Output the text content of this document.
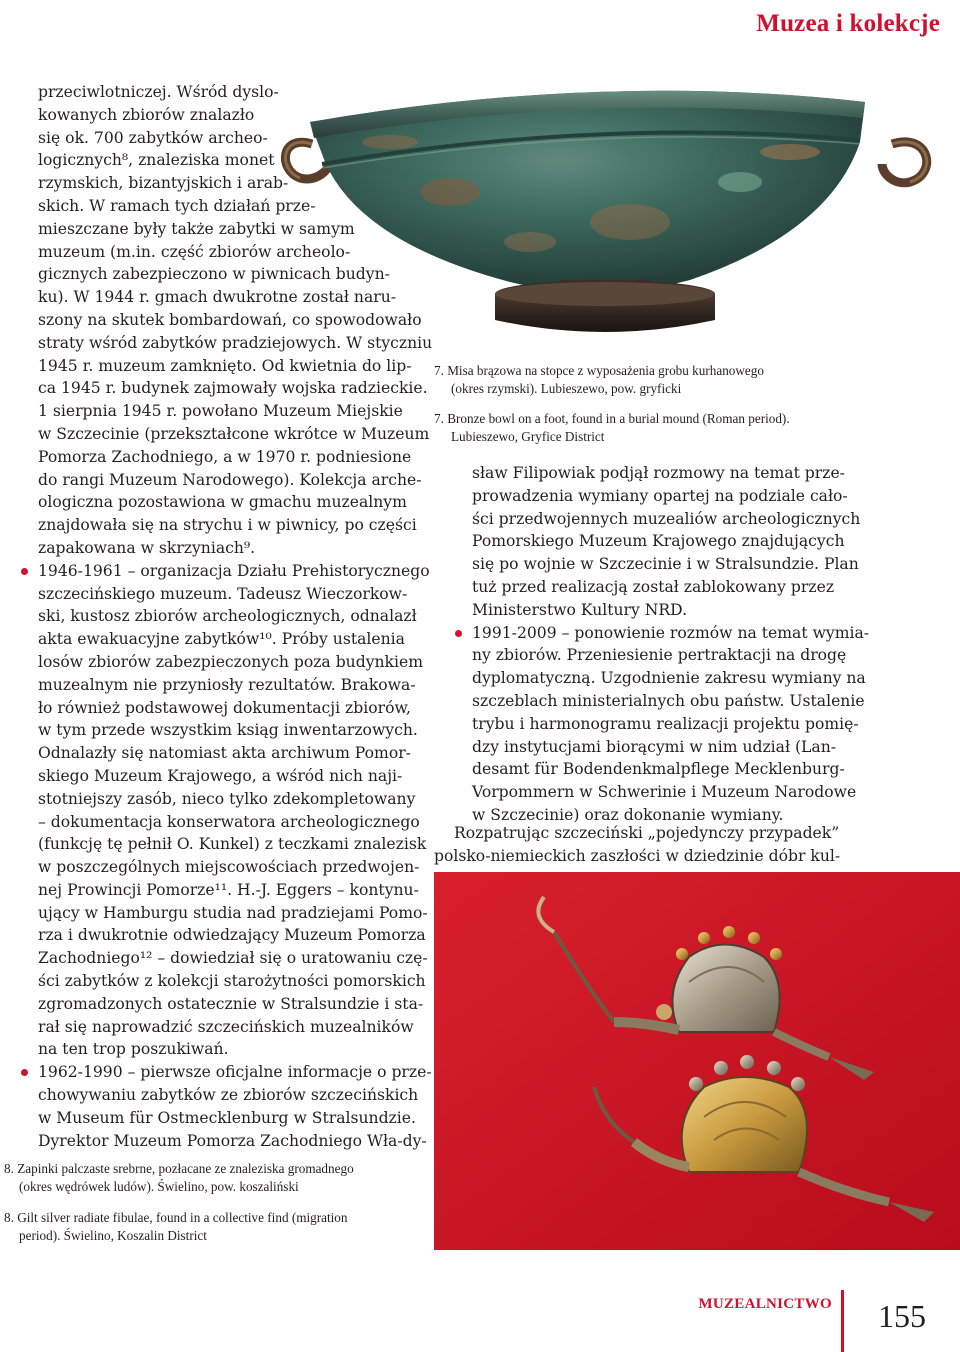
Muzea i kolekcje

przeciwlotniczej. Wśród dyslo-
kowanych zbiorów znalazło
się ok. 700 zabytków archeo-
logicznych⁸, znaleziska monet
rzymskich, bizantyjskich i arab-
skich. W ramach tych działań prze-
mieszczane były także zabytki w samym
muzeum (m.in. część zbiorów archeolo-
gicznych zabezpieczono w piwnicach budyn-
ku). W 1944 r. gmach dwukrotne został naru-
szony na skutek bombardowań, co spowodowało
straty wśród zabytków pradziejowych. W styczniu
1945 r. muzeum zamknięto. Od kwietnia do lip-
ca 1945 r. budynek zajmowały wojska radzieckie.
1 sierpnia 1945 r. powołano Muzeum Miejskie
w Szczecinie (przekształcone wkrótce w Muzeum
Pomorza Zachodniego, a w 1970 r. podniesione
do rangi Muzeum Narodowego). Kolekcja arche-
ologiczna pozostawiona w gmachu muzealnym
znajdowała się na strychu i w piwnicy, po części
zapakowana w skrzyniach⁹.

1946-1961 – organizacja Działu Prehistorycznego
szczecińskiego muzeum. Tadeusz Wieczorkow-
ski, kustosz zbiorów archeologicznych, odnalazł
akta ewakuacyjne zabytków¹⁰. Próby ustalenia
losów zbiorów zabezpieczonych poza budynkiem
muzealnym nie przyniosły rezultatów. Brakowa-
ło również podstawowej dokumentacji zbiorów,
w tym przede wszystkim ksiąg inwentarzowych.
Odnalazły się natomiast akta archiwum Pomor-
skiego Muzeum Krajowego, a wśród nich naji-
stotniejszy zasób, nieco tylko zdekompletowany
– dokumentacja konserwatora archeologicznego
(funkcję tę pełnił O. Kunkel) z teczkami znalezisk
w poszczególnych miejscowościach przedwojen-
nej Prowincji Pomorze¹¹. H.-J. Eggers – kontynu-
ujący w Hamburgu studia nad pradziejami Pomo-
rza i dwukrotnie odwiedzający Muzeum Pomorza
Zachodniego¹² – dowiedział się o uratowaniu czę-
ści zabytków z kolekcji starożytności pomorskich
zgromadzonych ostatecznie w Stralsundzie i sta-
rał się naprowadzić szczecińskich muzealników
na ten trop poszukiwań.

1962-1990 – pierwsze oficjalne informacje o prze-
chowywaniu zabytków ze zbiorów szczecińskich
w Museum für Ostmecklenburg w Stralsundzie.
Dyrektor Muzeum Pomorza Zachodniego Wła-dy-

7. Misa brązowa na stopce z wyposażenia grobu kurhanowego
(okres rzymski). Lubieszewo, pow. gryficki
7. Bronze bowl on a foot, found in a burial mound (Roman period).
Lubieszewo, Gryfice District

sław Filipowiak podjął rozmowy na temat prze-
prowadzenia wymiany opartej na podziale cało-
ści przedwojennych muzealiów archeologicznych
Pomorskiego Muzeum Krajowego znajdujących
się po wojnie w Szczecinie i w Stralsundzie. Plan
tuż przed realizacją został zablokowany przez
Ministerstwo Kultury NRD.

1991-2009 – ponowienie rozmów na temat wymia-
ny zbiorów. Przeniesienie pertraktacji na drogę
dyplomatyczną. Uzgodnienie zakresu wymiany na
szczeblach ministerialnych obu państw. Ustalenie
trybu i harmonogramu realizacji projektu pomię-
dzy instytucjami biorącymi w nim udział (Lan-
desamt für Bodendenkmalpflege Mecklenburg-
Vorpommern w Schwerinie i Muzeum Narodowe
w Szczecinie) oraz dokonanie wymiany.

Rozpatrując szczeciński „pojedynczy przypadek”
polsko-niemieckich zaszłości w dziedzinie dóbr kul-
8. Zapinki palczaste srebrne, pozłacane ze znaleziska gromadnego
(okres wędrówek ludów). Świelino, pow. koszaliński
8. Gilt silver radiate fibulae, found in a collective find (migration
period). Świelino, Koszalin District
MUZEALNICTWO 155
